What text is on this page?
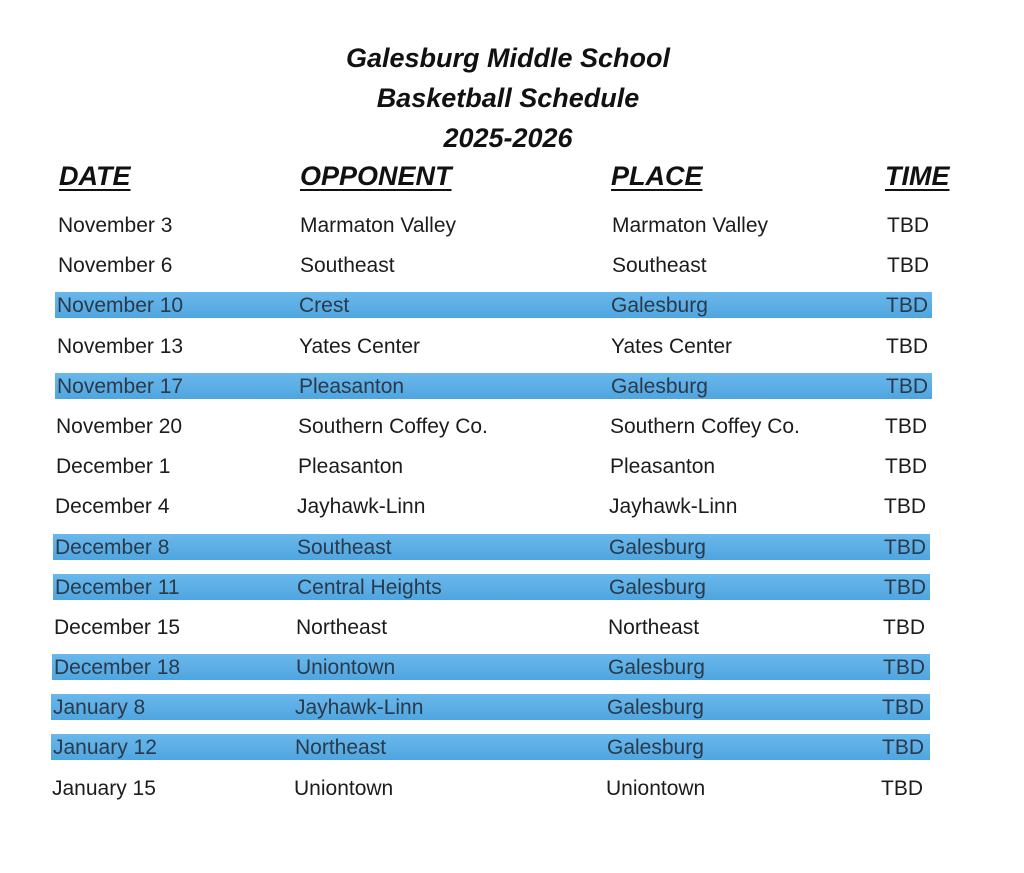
Galesburg Middle School
Basketball Schedule
2025-2026
DATE	OPPONENT	PLACE	TIME
November 3	Marmaton Valley	Marmaton Valley	TBD
November 6	Southeast	Southeast	TBD
November 10	Crest	Galesburg	TBD
November 13	Yates Center	Yates Center	TBD
November 17	Pleasanton	Galesburg	TBD
November 20	Southern Coffey Co.	Southern Coffey Co.	TBD
December 1	Pleasanton	Pleasanton	TBD
December 4	Jayhawk-Linn	Jayhawk-Linn	TBD
December 8	Southeast	Galesburg	TBD
December 11	Central Heights	Galesburg	TBD
December 15	Northeast	Northeast	TBD
December 18	Uniontown	Galesburg	TBD
January 8	Jayhawk-Linn	Galesburg	TBD
January 12	Northeast	Galesburg	TBD
January 15	Uniontown	Uniontown	TBD
